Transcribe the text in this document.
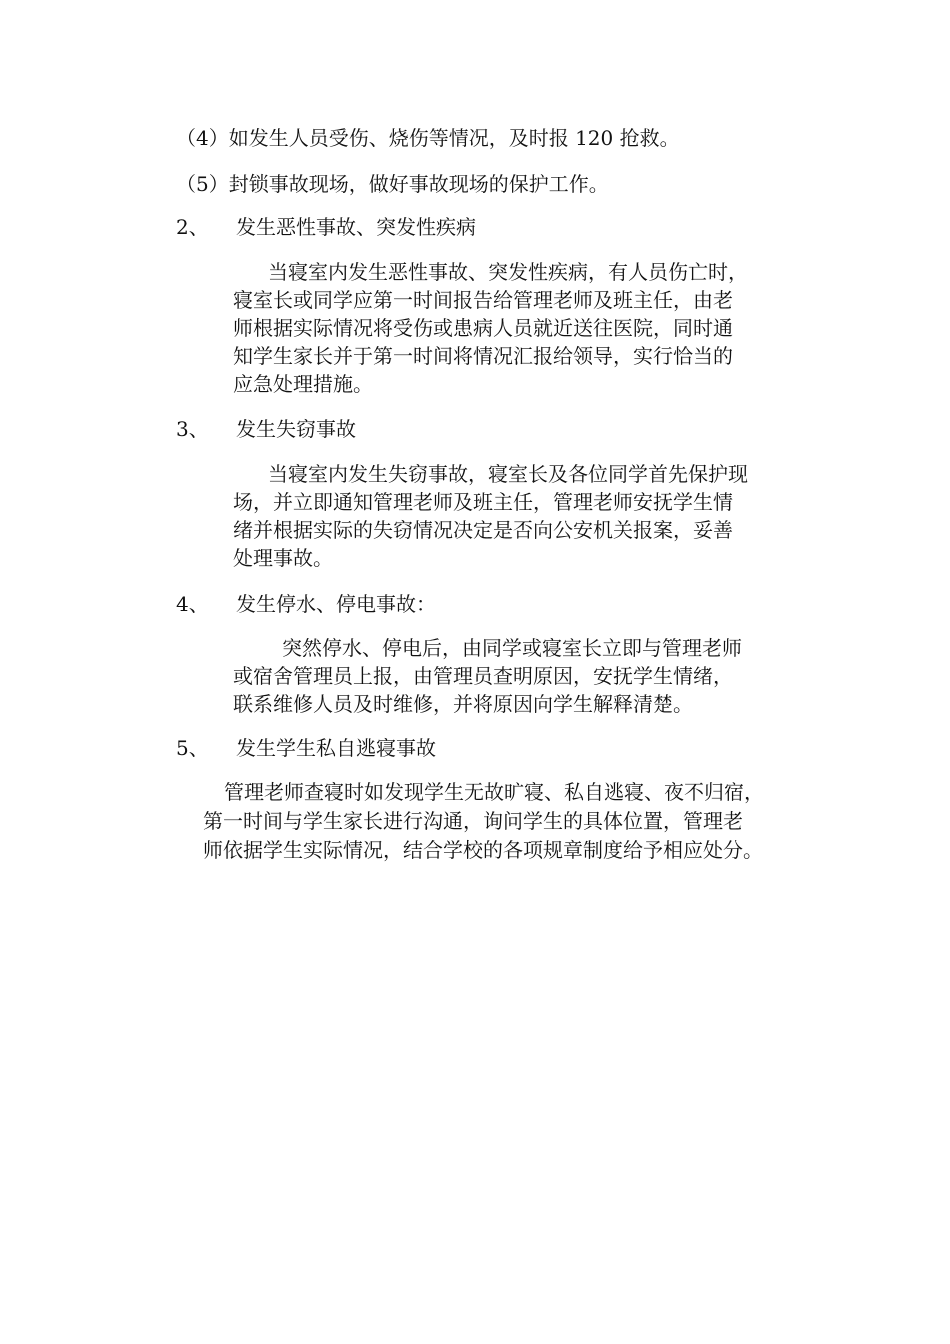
（4）如发生人员受伤、烧伤等情况，及时报 120 抢救。
（5）封锁事故现场，做好事故现场的保护工作。
2、 发生恶性事故、突发性疾病
当寝室内发生恶性事故、突发性疾病，有人员伤亡时，
寝室长或同学应第一时间报告给管理老师及班主任，由老
师根据实际情况将受伤或患病人员就近送往医院，同时通
知学生家长并于第一时间将情况汇报给领导，实行恰当的
应急处理措施。
3、 发生失窃事故
当寝室内发生失窃事故，寝室长及各位同学首先保护现
场，并立即通知管理老师及班主任，管理老师安抚学生情
绪并根据实际的失窃情况决定是否向公安机关报案，妥善
处理事故。
4、 发生停水、停电事故：
突然停水、停电后，由同学或寝室长立即与管理老师
或宿舍管理员上报，由管理员查明原因，安抚学生情绪，
联系维修人员及时维修，并将原因向学生解释清楚。
5、 发生学生私自逃寝事故
管理老师查寝时如发现学生无故旷寝、私自逃寝、夜不归宿，
第一时间与学生家长进行沟通，询问学生的具体位置，管理老
师依据学生实际情况，结合学校的各项规章制度给予相应处分。
